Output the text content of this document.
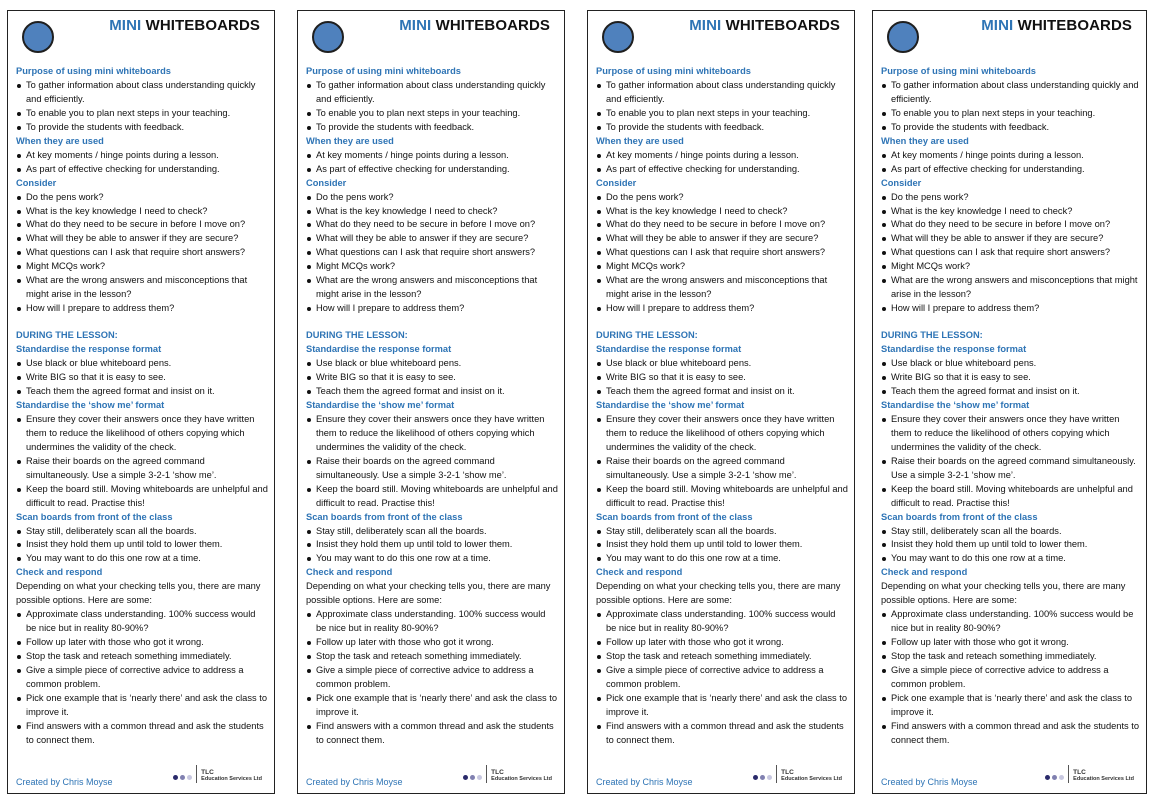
MINI WHITEBOARDS
Purpose of using mini whiteboards
To gather information about class understanding quickly and efficiently.
To enable you to plan next steps in your teaching.
To provide the students with feedback.
When they are used
At key moments / hinge points during a lesson.
As part of effective checking for understanding.
Consider
Do the pens work?
What is the key knowledge I need to check?
What do they need to be secure in before I move on?
What will they be able to answer if they are secure?
What questions can I ask that require short answers?
Might MCQs work?
What are the wrong answers and misconceptions that might arise in the lesson?
How will I prepare to address them?
DURING THE LESSON:
Standardise the response format
Use black or blue whiteboard pens.
Write BIG so that it is easy to see.
Teach them the agreed format and insist on it.
Standardise the ‘show me’ format
Ensure they cover their answers once they have written them to reduce the likelihood of others copying which undermines the validity of the check.
Raise their boards on the agreed command simultaneously. Use a simple 3-2-1 ‘show me’.
Keep the board still. Moving whiteboards are unhelpful and difficult to read. Practise this!
Scan boards from front of the class
Stay still, deliberately scan all the boards.
Insist they hold them up until told to lower them.
You may want to do this one row at a time.
Check and respond
Depending on what your checking tells you, there are many possible options. Here are some:
Approximate class understanding. 100% success would be nice but in reality 80-90%?
Follow up later with those who got it wrong.
Stop the task and reteach something immediately.
Give a simple piece of corrective advice to address a common problem.
Pick one example that is ‘nearly there’ and ask the class to improve it.
Find answers with a common thread and ask the students to connect them.
Created by Chris Moyse
TLC
Education Services Ltd
MINI WHITEBOARDS
Purpose of using mini whiteboards
To gather information about class understanding quickly and efficiently.
To enable you to plan next steps in your teaching.
To provide the students with feedback.
When they are used
At key moments / hinge points during a lesson.
As part of effective checking for understanding.
Consider
Do the pens work?
What is the key knowledge I need to check?
What do they need to be secure in before I move on?
What will they be able to answer if they are secure?
What questions can I ask that require short answers?
Might MCQs work?
What are the wrong answers and misconceptions that might arise in the lesson?
How will I prepare to address them?
DURING THE LESSON:
Standardise the response format
Use black or blue whiteboard pens.
Write BIG so that it is easy to see.
Teach them the agreed format and insist on it.
Standardise the ‘show me’ format
Ensure they cover their answers once they have written them to reduce the likelihood of others copying which undermines the validity of the check.
Raise their boards on the agreed command simultaneously. Use a simple 3-2-1 ‘show me’.
Keep the board still. Moving whiteboards are unhelpful and difficult to read. Practise this!
Scan boards from front of the class
Stay still, deliberately scan all the boards.
Insist they hold them up until told to lower them.
You may want to do this one row at a time.
Check and respond
Depending on what your checking tells you, there are many possible options. Here are some:
Approximate class understanding. 100% success would be nice but in reality 80-90%?
Follow up later with those who got it wrong.
Stop the task and reteach something immediately.
Give a simple piece of corrective advice to address a common problem.
Pick one example that is ‘nearly there’ and ask the class to improve it.
Find answers with a common thread and ask the students to connect them.
Created by Chris Moyse
TLC
Education Services Ltd
MINI WHITEBOARDS
Purpose of using mini whiteboards
To gather information about class understanding quickly and efficiently.
To enable you to plan next steps in your teaching.
To provide the students with feedback.
When they are used
At key moments / hinge points during a lesson.
As part of effective checking for understanding.
Consider
Do the pens work?
What is the key knowledge I need to check?
What do they need to be secure in before I move on?
What will they be able to answer if they are secure?
What questions can I ask that require short answers?
Might MCQs work?
What are the wrong answers and misconceptions that might arise in the lesson?
How will I prepare to address them?
DURING THE LESSON:
Standardise the response format
Use black or blue whiteboard pens.
Write BIG so that it is easy to see.
Teach them the agreed format and insist on it.
Standardise the ‘show me’ format
Ensure they cover their answers once they have written them to reduce the likelihood of others copying which undermines the validity of the check.
Raise their boards on the agreed command simultaneously. Use a simple 3-2-1 ‘show me’.
Keep the board still. Moving whiteboards are unhelpful and difficult to read. Practise this!
Scan boards from front of the class
Stay still, deliberately scan all the boards.
Insist they hold them up until told to lower them.
You may want to do this one row at a time.
Check and respond
Depending on what your checking tells you, there are many possible options. Here are some:
Approximate class understanding. 100% success would be nice but in reality 80-90%?
Follow up later with those who got it wrong.
Stop the task and reteach something immediately.
Give a simple piece of corrective advice to address a common problem.
Pick one example that is ‘nearly there’ and ask the class to improve it.
Find answers with a common thread and ask the students to connect them.
Created by Chris Moyse
TLC
Education Services Ltd
MINI WHITEBOARDS
Purpose of using mini whiteboards
To gather information about class understanding quickly and efficiently.
To enable you to plan next steps in your teaching.
To provide the students with feedback.
When they are used
At key moments / hinge points during a lesson.
As part of effective checking for understanding.
Consider
Do the pens work?
What is the key knowledge I need to check?
What do they need to be secure in before I move on?
What will they be able to answer if they are secure?
What questions can I ask that require short answers?
Might MCQs work?
What are the wrong answers and misconceptions that might arise in the lesson?
How will I prepare to address them?
DURING THE LESSON:
Standardise the response format
Use black or blue whiteboard pens.
Write BIG so that it is easy to see.
Teach them the agreed format and insist on it.
Standardise the ‘show me’ format
Ensure they cover their answers once they have written them to reduce the likelihood of others copying which undermines the validity of the check.
Raise their boards on the agreed command simultaneously. Use a simple 3-2-1 ‘show me’.
Keep the board still. Moving whiteboards are unhelpful and difficult to read. Practise this!
Scan boards from front of the class
Stay still, deliberately scan all the boards.
Insist they hold them up until told to lower them.
You may want to do this one row at a time.
Check and respond
Depending on what your checking tells you, there are many possible options. Here are some:
Approximate class understanding. 100% success would be nice but in reality 80-90%?
Follow up later with those who got it wrong.
Stop the task and reteach something immediately.
Give a simple piece of corrective advice to address a common problem.
Pick one example that is ‘nearly there’ and ask the class to improve it.
Find answers with a common thread and ask the students to connect them.
Created by Chris Moyse
TLC
Education Services Ltd
